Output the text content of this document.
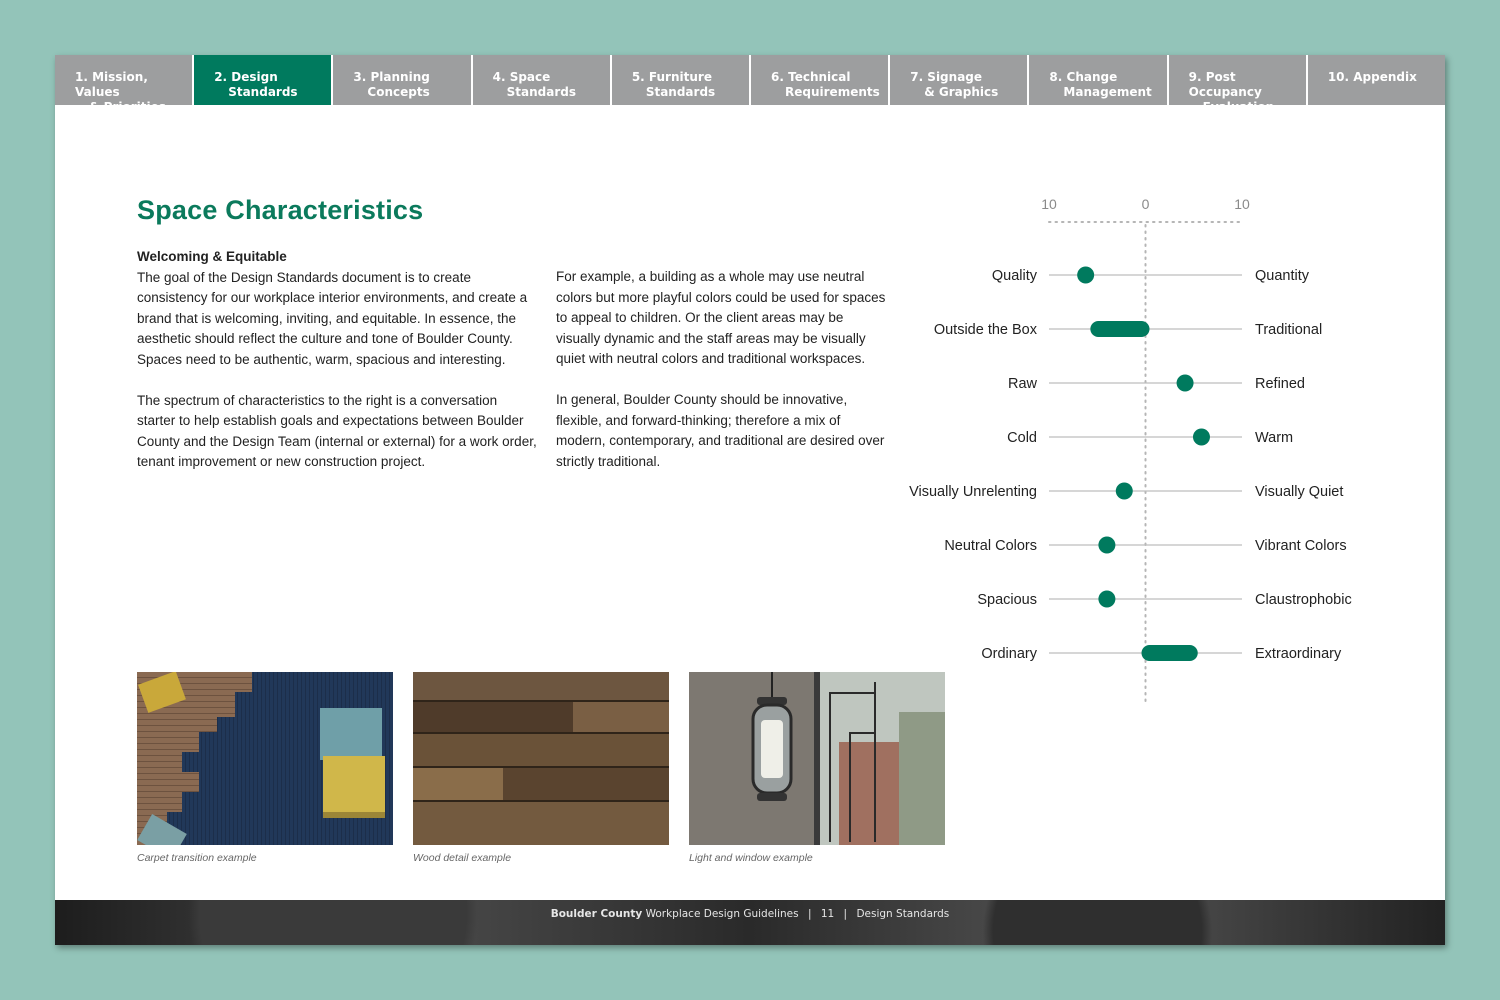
1. Mission, Values
& Priorities
2. Design
Standards
3. Planning
Concepts
4. Space
Standards
5. Furniture
Standards
6. Technical
Requirements
7. Signage
& Graphics
8. Change
Management
9. Post Occupancy
Evaluation
10. Appendix
Space Characteristics
Welcoming & Equitable

The goal of the Design Standards document is to create consistency for our workplace interior environments, and create a brand that is welcoming, inviting, and equitable. In essence, the aesthetic should reflect the culture and tone of Boulder County. Spaces need to be authentic, warm, spacious and interesting.

The spectrum of characteristics to the right is a conversation starter to help establish goals and expectations between Boulder County and the Design Team (internal or external) for a work order, tenant improvement or new construction project.

For example, a building as a whole may use neutral colors but more playful colors could be used for spaces to appeal to children. Or the client areas may be visually dynamic and the staff areas may be visually quiet with neutral colors and traditional workspaces.

In general, Boulder County should be innovative, flexible, and forward-thinking; therefore a mix of modern, contemporary, and traditional are desired over strictly traditional.

10	0	10
Quality	Quantity
Outside the Box	Traditional
Raw	Refined
Cold	Warm
Visually Unrelenting	Visually Quiet
Neutral Colors	Vibrant Colors
Spacious	Claustrophobic
Ordinary	Extraordinary
Carpet transition example	Wood detail example	Light and window example
Boulder County Workplace Design Guidelines | 11 | Design Standards
